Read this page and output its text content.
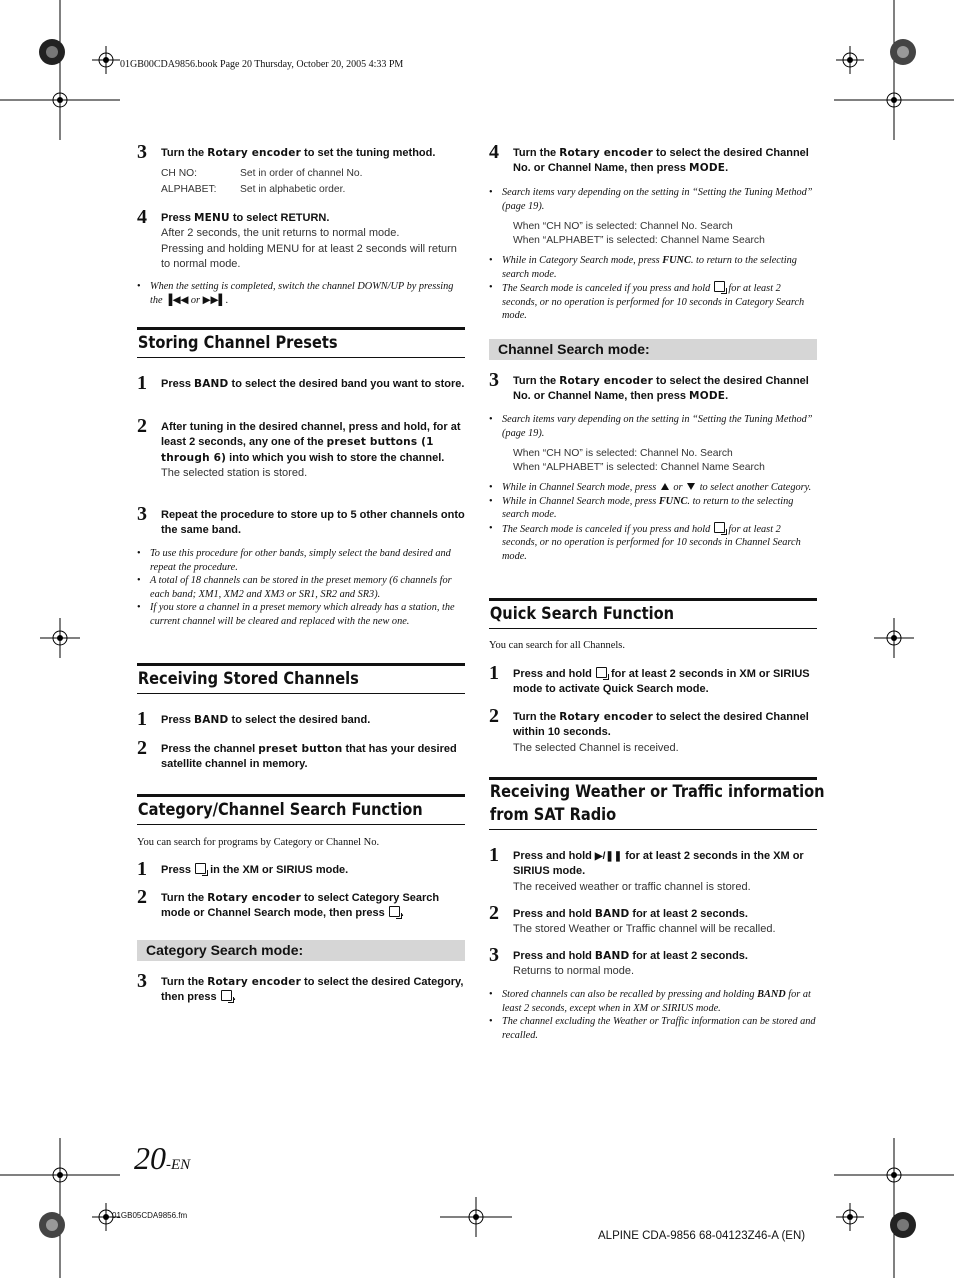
01GB00CDA9856.book Page 20 Thursday, October 20, 2005 4:33 PM
3 Turn the Rotary encoder to set the tuning method.
CH NO:	Set in order of channel No.
ALPHABET: Set in alphabetic order.
4 Press MENU to select RETURN.
After 2 seconds, the unit returns to normal mode.
Pressing and holding MENU for at least 2 seconds will return to normal mode.
• When the setting is completed, switch the channel DOWN/UP by pressing the ▐◀◀ or ▶▶▌.
Storing Channel Presets
1 Press BAND to select the desired band you want to store.
2 After tuning in the desired channel, press and hold, for at least 2 seconds, any one of the preset buttons (1 through 6) into which you wish to store the channel.
The selected station is stored.
3 Repeat the procedure to store up to 5 other channels onto the same band.
• To use this procedure for other bands, simply select the band desired and repeat the procedure.
• A total of 18 channels can be stored in the preset memory (6 channels for each band; XM1, XM2 and XM3 or SR1, SR2 and SR3).
• If you store a channel in a preset memory which already has a station, the current channel will be cleared and replaced with the new one.
Receiving Stored Channels
1 Press BAND to select the desired band.
2 Press the channel preset button that has your desired satellite channel in memory.
Category/Channel Search Function
You can search for programs by Category or Channel No.
1 Press  in the XM or SIRIUS mode.
2 Turn the Rotary encoder to select Category Search mode or Channel Search mode, then press .
Category Search mode:
3 Turn the Rotary encoder to select the desired Category, then press .
4 Turn the Rotary encoder to select the desired Channel No. or Channel Name, then press MODE.
• Search items vary depending on the setting in “Setting the Tuning Method” (page 19).
When “CH NO” is selected: Channel No. Search
When “ALPHABET” is selected: Channel Name Search
• While in Category Search mode, press FUNC. to return to the selecting search mode.
• The Search mode is canceled if you press and hold  for at least 2 seconds, or no operation is performed for 10 seconds in Category Search mode.
Channel Search mode:
3 Turn the Rotary encoder to select the desired Channel No. or Channel Name, then press MODE.
• Search items vary depending on the setting in “Setting the Tuning Method” (page 19).
When “CH NO” is selected: Channel No. Search
When “ALPHABET” is selected: Channel Name Search
• While in Channel Search mode, press  or  to select another Category.
• While in Channel Search mode, press FUNC. to return to the selecting search mode.
• The Search mode is canceled if you press and hold  for at least 2 seconds, or no operation is performed for 10 seconds in Channel Search mode.
Quick Search Function
You can search for all Channels.
1 Press and hold  for at least 2 seconds in XM or SIRIUS mode to activate Quick Search mode.
2 Turn the Rotary encoder to select the desired Channel within 10 seconds.
The selected Channel is received.
Receiving Weather or Traffic information
from SAT Radio
1 Press and hold ▶/❚❚ for at least 2 seconds in the XM or SIRIUS mode.
The received weather or traffic channel is stored.
2 Press and hold BAND for at least 2 seconds.
The stored Weather or Traffic channel will be recalled.
3 Press and hold BAND for at least 2 seconds.
Returns to normal mode.
• Stored channels can also be recalled by pressing and holding BAND for at least 2 seconds, except when in XM or SIRIUS mode.
• The channel excluding the Weather or Traffic information can be stored and recalled.
20-EN
01GB05CDA9856.fm
ALPINE CDA-9856 68-04123Z46-A (EN)
